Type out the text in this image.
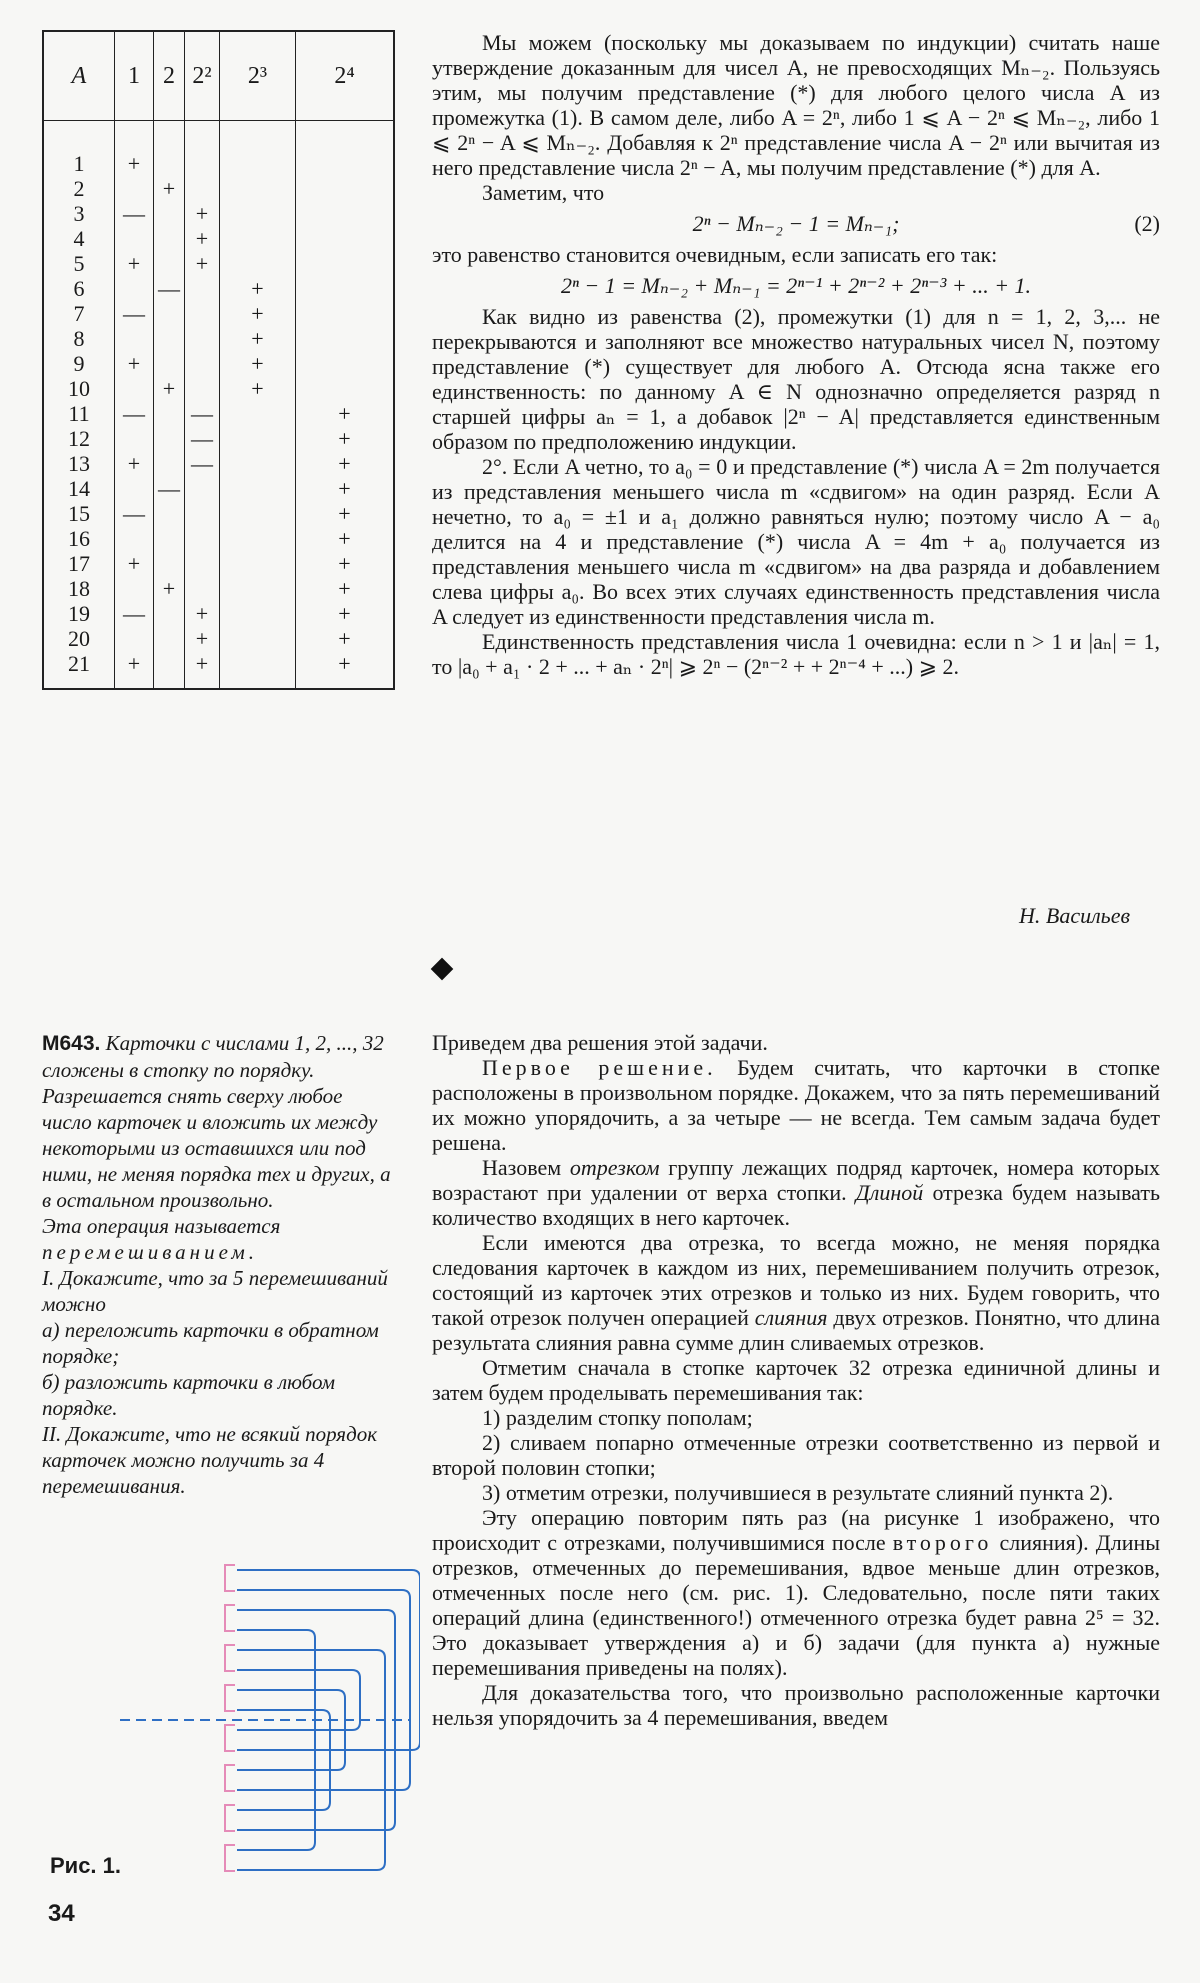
A	1	2	2²	2³	2⁴

1	+				
2		+			
3	—		+		
4			+		
5	+		+		
6		—		+	
7	—			+	
8				+	
9	+			+	
10		+		+	
11	—		—		+
12			—		+
13	+		—		+
14		—			+
15	—				+
16					+
17	+				+
18		+			+
19	—		+		+
20			+		+
21	+		+		+

Мы можем (поскольку мы доказываем по индукции) считать наше утверждение доказанным для чисел A, не превосходящих Mₙ₋₂. Пользуясь этим, мы получим представление (*) для любого целого числа A из промежутка (1). В самом деле, либо A = 2ⁿ, либо 1 ⩽ A − 2ⁿ ⩽ Mₙ₋₂, либо 1 ⩽ 2ⁿ − A ⩽ Mₙ₋₂. Добавляя к 2ⁿ представление числа A − 2ⁿ или вычитая из него представление числа 2ⁿ − A, мы получим представление (*) для A.

Заметим, что

2ⁿ − Mₙ₋₂ − 1 = Mₙ₋₁;	(2)

это равенство становится очевидным, если записать его так:

2ⁿ − 1 = Mₙ₋₂ + Mₙ₋₁ = 2ⁿ⁻¹ + 2ⁿ⁻² + 2ⁿ⁻³ + ... + 1.

Как видно из равенства (2), промежутки (1) для n = 1, 2, 3,... не перекрываются и заполняют все множество натуральных чисел N, поэтому представление (*) существует для любого A. Отсюда ясна также его единственность: по данному A ∈ N однозначно определяется разряд n старшей цифры aₙ = 1, а добавок |2ⁿ − A| представляется единственным образом по предположению индукции.

2°. Если A четно, то a₀ = 0 и представление (*) числа A = 2m получается из представления меньшего числа m «сдвигом» на один разряд. Если A нечетно, то a₀ = ±1 и a₁ должно равняться нулю; поэтому число A − a₀ делится на 4 и представление (*) числа A = 4m + a₀ получается из представления меньшего числа m «сдвигом» на два разряда и добавлением слева цифры a₀. Во всех этих случаях единственность представления числа A следует из единственности представления числа m.

Единственность представления числа 1 очевидна: если n > 1 и |aₙ| = 1, то |a₀ + a₁ · 2 + ... + aₙ · 2ⁿ| ⩾ 2ⁿ − (2ⁿ⁻² + + 2ⁿ⁻⁴ + ...) ⩾ 2.

Н. Васильев

М643. Карточки с числами 1, 2, ..., 32 сложены в стопку по порядку. Разрешается снять сверху любое число карточек и вложить их между некоторыми из оставшихся или под ними, не меняя порядка тех и других, а в остальном произвольно.

Эта операция называется перемешиванием.

I. Докажите, что за 5 перемешиваний можно

а) переложить карточки в обратном порядке;

б) разложить карточки в любом порядке.

II. Докажите, что не всякий порядок карточек можно получить за 4 перемешивания.

Приведем два решения этой задачи.

Первое решение. Будем считать, что карточки в стопке расположены в произвольном порядке. Докажем, что за пять перемешиваний их можно упорядочить, а за четыре — не всегда. Тем самым задача будет решена.

Назовем отрезком группу лежащих подряд карточек, номера которых возрастают при удалении от верха стопки. Длиной отрезка будем называть количество входящих в него карточек.

Если имеются два отрезка, то всегда можно, не меняя порядка следования карточек в каждом из них, перемешиванием получить отрезок, состоящий из карточек этих отрезков и только из них. Будем говорить, что такой отрезок получен операцией слияния двух отрезков. Понятно, что длина результата слияния равна сумме длин сливаемых отрезков.

Отметим сначала в стопке карточек 32 отрезка единичной длины и затем будем проделывать перемешивания так:

1) разделим стопку пополам;

2) сливаем попарно отмеченные отрезки соответственно из первой и второй половин стопки;

3) отметим отрезки, получившиеся в результате слияний пункта 2).

Эту операцию повторим пять раз (на рисунке 1 изображено, что происходит с отрезками, получившимися после второго слияния). Длины отрезков, отмеченных до перемешивания, вдвое меньше длин отрезков, отмеченных после него (см. рис. 1). Следовательно, после пяти таких операций длина (единственного!) отмеченного отрезка будет равна 2⁵ = 32. Это доказывает утверждения а) и б) задачи (для пункта а) нужные перемешивания приведены на полях).

Для доказательства того, что произвольно расположенные карточки нельзя упорядочить за 4 перемешивания, введем

Рис. 1.
34
